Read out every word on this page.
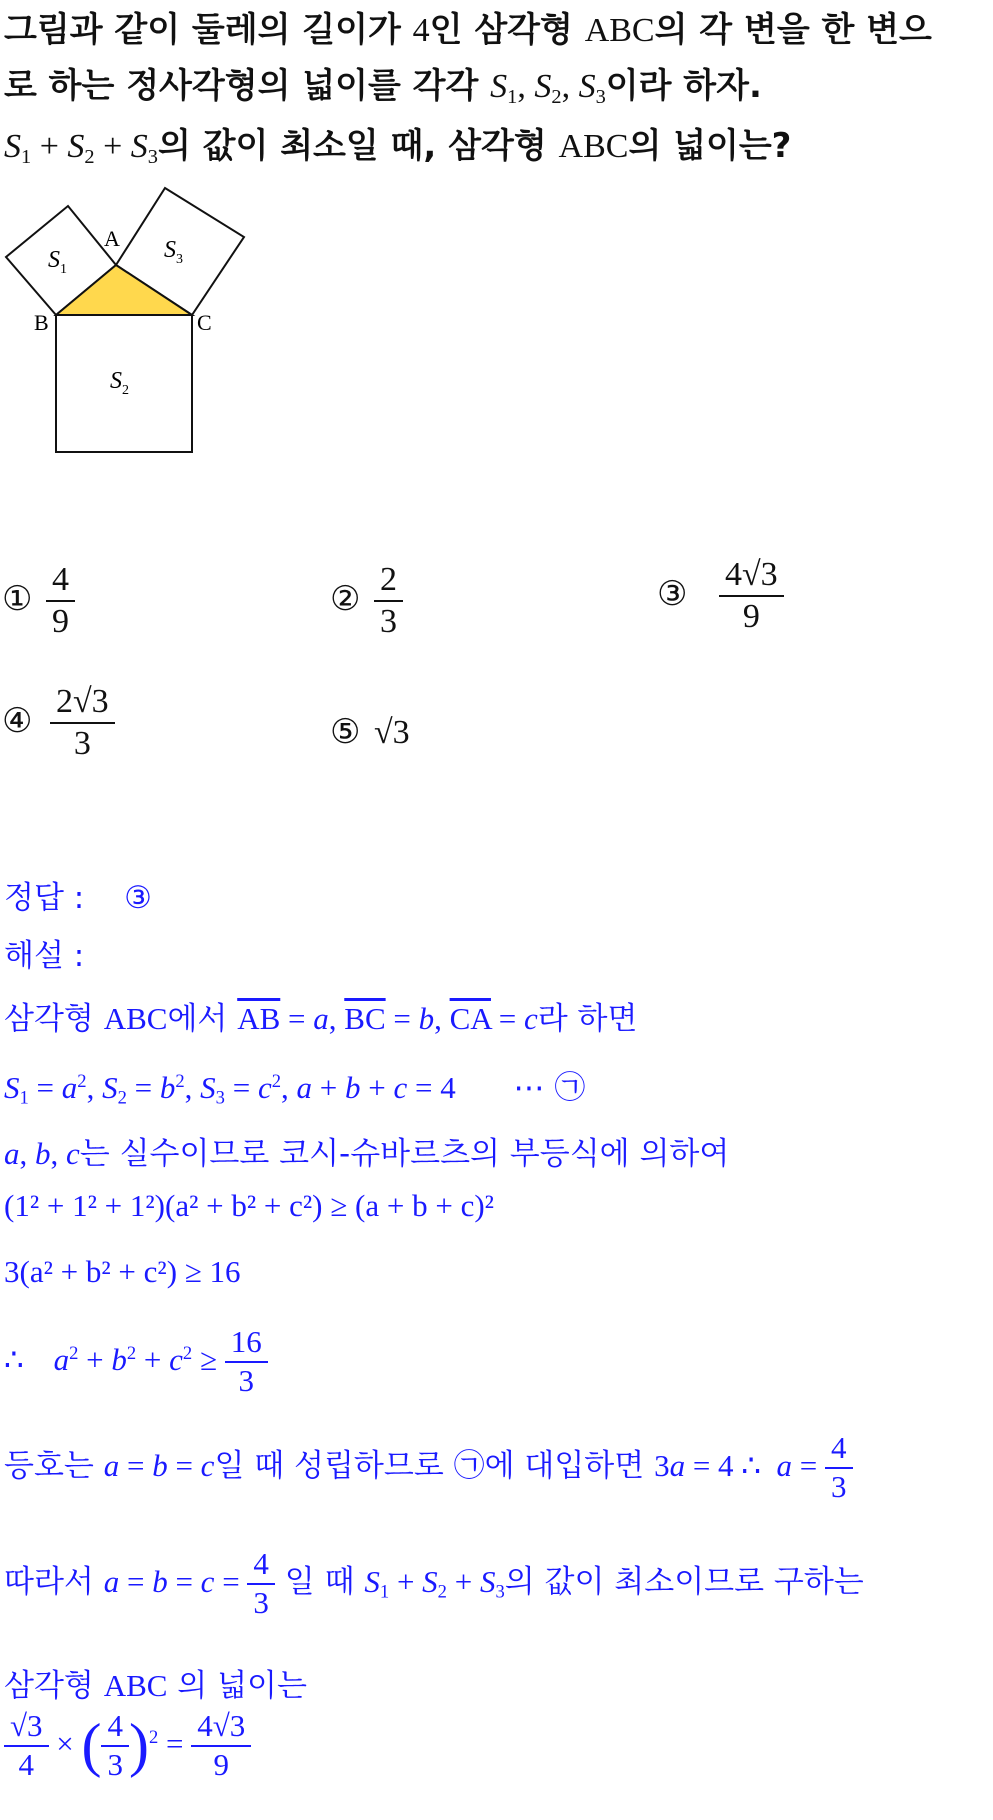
그림과 같이 둘레의 길이가 4인 삼각형 ABC의 각 변을 한 변으
로 하는 정사각형의 넓이를 각각 $S_1$, $S_2$, $S_3$이라 하자.
$S_1 + S_2 + S_3$의 값이 최소일 때, 삼각형 ABC의 넓이는?
A
B	C
$S_1$
$S_3$
$S_2$
① $\frac{4}{9}$	② $\frac{2}{3}$	③ $\frac{4√3}{9}$
④ $\frac{2√3}{3}$	⑤ √3
정답 : ③
해설 :
삼각형 ABC에서 $\overline{AB} = a$, $\overline{BC} = b$, $\overline{CA} = c$라 하면
$S_1 = a^2$, $S_2 = b^2$, $S_3 = c^2$, a + b + c = 4 ⋯ ㉠
a, b, c는 실수이므로 코시-슈바르츠의 부등식에 의하여
(1² + 1² + 1²)(a² + b² + c²) ≥ (a + b + c)²
3(a² + b² + c²) ≥ 16
∴ $a^2 + b^2 + c^2 \ge \frac{16}{3}$
등호는 a = b = c일 때 성립하므로 ㉠에 대입하면 3a = 4 ∴  $a = \frac{4}{3}$
따라서 $a = b = c = \frac{4}{3}$ 일 때 $S_1 + S_2 + S_3$의 값이 최소이므로 구하는
삼각형 ABC 의 넓이는
$\frac{√3}{4}$ × ( $\frac{4}{3} )^2 = \frac{4√3}{9}$
